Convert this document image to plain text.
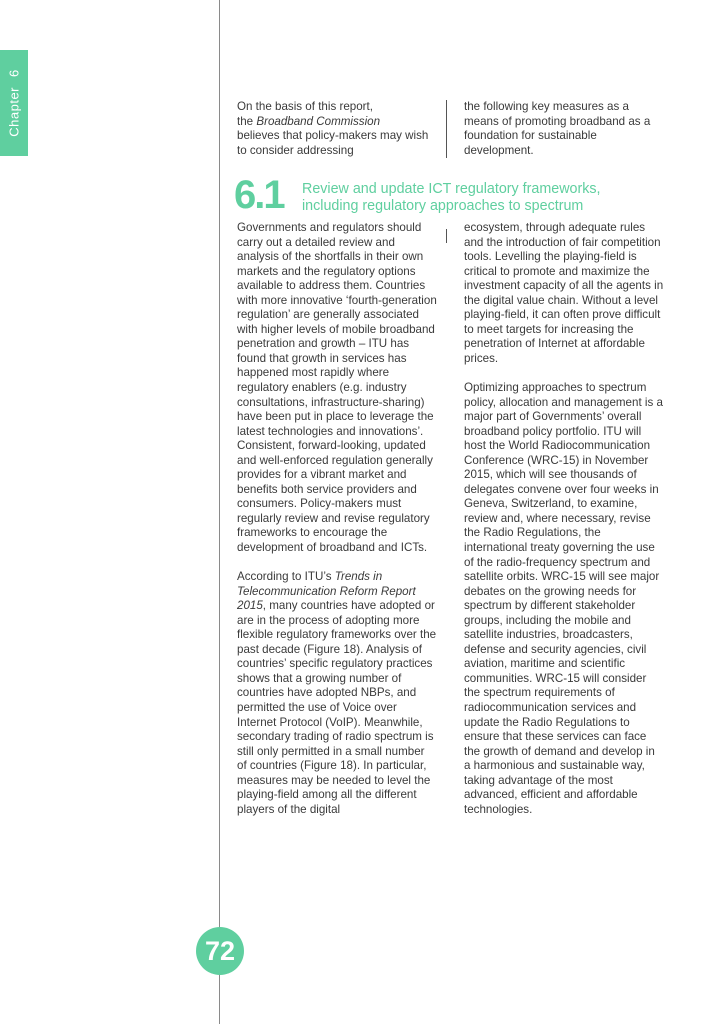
Chapter6

On the basis of this report,
the Broadband Commission
believes that policy-makers may wish to consider addressing

the following key measures as a means of promoting broadband as a foundation for sustainable development.

6.1 Review and update ICT regulatory frameworks, including regulatory approaches to spectrum

Governments and regulators should carry out a detailed review and analysis of the shortfalls in their own markets and the regulatory options available to address them. Countries with more innovative ‘fourth-generation regulation’ are generally associated with higher levels of mobile broadband penetration and growth – ITU has found that growth in services has happened most rapidly where regulatory enablers (e.g. industry consultations, infrastructure-sharing) have been put in place to leverage the latest technologies and innovations’. Consistent, forward-looking, updated and well-enforced regulation generally provides for a vibrant market and benefits both service providers and consumers. Policy-makers must regularly review and revise regulatory frameworks to encourage the development of broadband and ICTs.

According to ITU’s Trends in Telecommunication Reform Report 2015, many countries have adopted or are in the process of adopting more flexible regulatory frameworks over the past decade (Figure 18). Analysis of countries’ specific regulatory practices shows that a growing number of countries have adopted NBPs, and permitted the use of Voice over Internet Protocol (VoIP). Meanwhile, secondary trading of radio spectrum is still only permitted in a small number of countries (Figure 18). In particular, measures may be needed to level the playing-field among all the different players of the digital

ecosystem, through adequate rules and the introduction of fair competition tools. Levelling the playing-field is critical to promote and maximize the investment capacity of all the agents in the digital value chain. Without a level playing-field, it can often prove difficult to meet targets for increasing the penetration of Internet at affordable prices.

Optimizing approaches to spectrum policy, allocation and management is a major part of Governments’ overall broadband policy portfolio. ITU will host the World Radiocommunication Conference (WRC-15) in November 2015, which will see thousands of delegates convene over four weeks in Geneva, Switzerland, to examine, review and, where necessary, revise the Radio Regulations, the international treaty governing the use of the radio-frequency spectrum and satellite orbits. WRC-15 will see major debates on the growing needs for spectrum by different stakeholder groups, including the mobile and satellite industries, broadcasters, defense and security agencies, civil aviation, maritime and scientific communities. WRC-15 will consider the spectrum requirements of radiocommunication services and update the Radio Regulations to ensure that these services can face the growth of demand and develop in a harmonious and sustainable way, taking advantage of the most advanced, efficient and affordable technologies.

72
